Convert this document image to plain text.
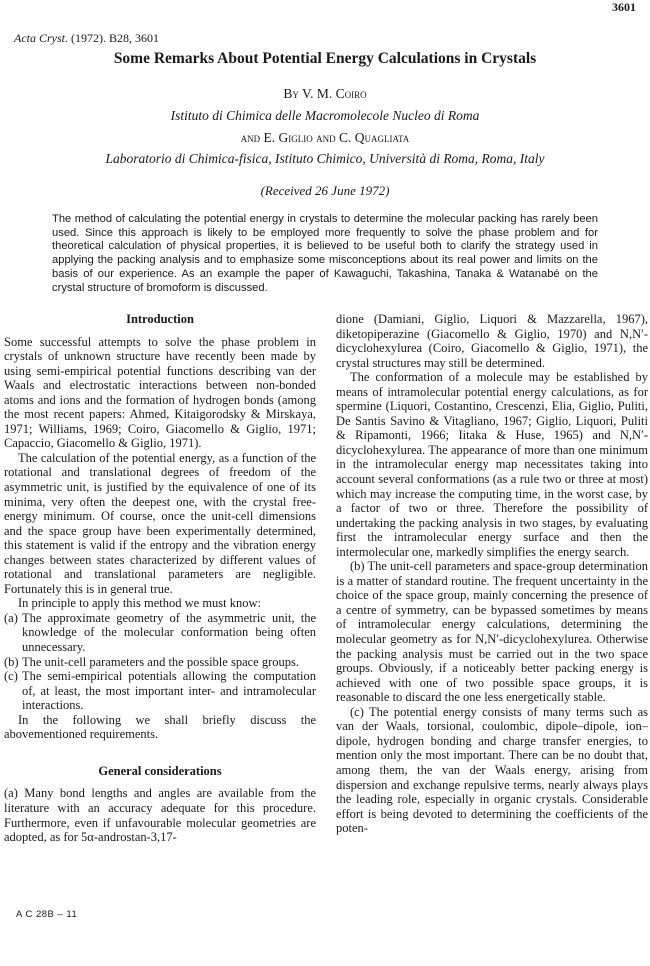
3601
Acta Cryst. (1972). B28, 3601
Some Remarks About Potential Energy Calculations in Crystals
By V. M. Coiro
Istituto di Chimica delle Macromolecole Nucleo di Roma
and E. Giglio and C. Quagliata
Laboratorio di Chimica-fisica, Istituto Chimico, Università di Roma, Roma, Italy
(Received 26 June 1972)

The method of calculating the potential energy in crystals to determine the molecular packing has rarely been used. Since this approach is likely to be employed more frequently to solve the phase problem and for theoretical calculation of physical properties, it is believed to be useful both to clarify the strategy used in applying the packing analysis and to emphasize some misconceptions about its real power and limits on the basis of our experience. As an example the paper of Kawaguchi, Takashina, Tanaka & Watanabé on the crystal structure of bromoform is discussed.

Introduction

Some successful attempts to solve the phase problem in crystals of unknown structure have recently been made by using semi-empirical potential functions describing van der Waals and electrostatic interactions between non-bonded atoms and ions and the formation of hydrogen bonds (among the most recent papers: Ahmed, Kitaigorodsky & Mirskaya, 1971; Williams, 1969; Coiro, Giacomello & Giglio, 1971; Capaccio, Giacomello & Giglio, 1971).

The calculation of the potential energy, as a function of the rotational and translational degrees of freedom of the asymmetric unit, is justified by the equivalence of one of its minima, very often the deepest one, with the crystal free-energy minimum. Of course, once the unit-cell dimensions and the space group have been experimentally determined, this statement is valid if the entropy and the vibration energy changes between states characterized by different values of rotational and translational parameters are negligible. Fortunately this is in general true.

In principle to apply this method we must know:

(a) The approximate geometry of the asymmetric unit, the knowledge of the molecular conformation being often unnecessary.
(b) The unit-cell parameters and the possible space groups.
(c) The semi-empirical potentials allowing the computation of, at least, the most important inter- and intramolecular interactions.

In the following we shall briefly discuss the abovementioned requirements.

General considerations

(a) Many bond lengths and angles are available from the literature with an accuracy adequate for this procedure. Furthermore, even if unfavourable molecular geometries are adopted, as for 5α-androstan-3,17-

dione (Damiani, Giglio, Liquori & Mazzarella, 1967), diketopiperazine (Giacomello & Giglio, 1970) and N,N′-dicyclohexylurea (Coiro, Giacomello & Giglio, 1971), the crystal structures may still be determined.

The conformation of a molecule may be established by means of intramolecular potential energy calculations, as for spermine (Liquori, Costantino, Crescenzi, Elia, Giglio, Puliti, De Santis Savino & Vitagliano, 1967; Giglio, Liquori, Puliti & Ripamonti, 1966; Iitaka & Huse, 1965) and N,N′-dicyclohexylurea. The appearance of more than one minimum in the intramolecular energy map necessitates taking into account several conformations (as a rule two or three at most) which may increase the computing time, in the worst case, by a factor of two or three. Therefore the possibility of undertaking the packing analysis in two stages, by evaluating first the intramolecular energy surface and then the intermolecular one, markedly simplifies the energy search.

(b) The unit-cell parameters and space-group determination is a matter of standard routine. The frequent uncertainty in the choice of the space group, mainly concerning the presence of a centre of symmetry, can be bypassed sometimes by means of intramolecular energy calculations, determining the molecular geometry as for N,N′-dicyclohexylurea. Otherwise the packing analysis must be carried out in the two space groups. Obviously, if a noticeably better packing energy is achieved with one of two possible space groups, it is reasonable to discard the one less energetically stable.

(c) The potential energy consists of many terms such as van der Waals, torsional, coulombic, dipole–dipole, ion–dipole, hydrogen bonding and charge transfer energies, to mention only the most important. There can be no doubt that, among them, the van der Waals energy, arising from dispersion and exchange repulsive terms, nearly always plays the leading role, especially in organic crystals. Considerable effort is being devoted to determining the coefficients of the poten-

A C 28B – 11
